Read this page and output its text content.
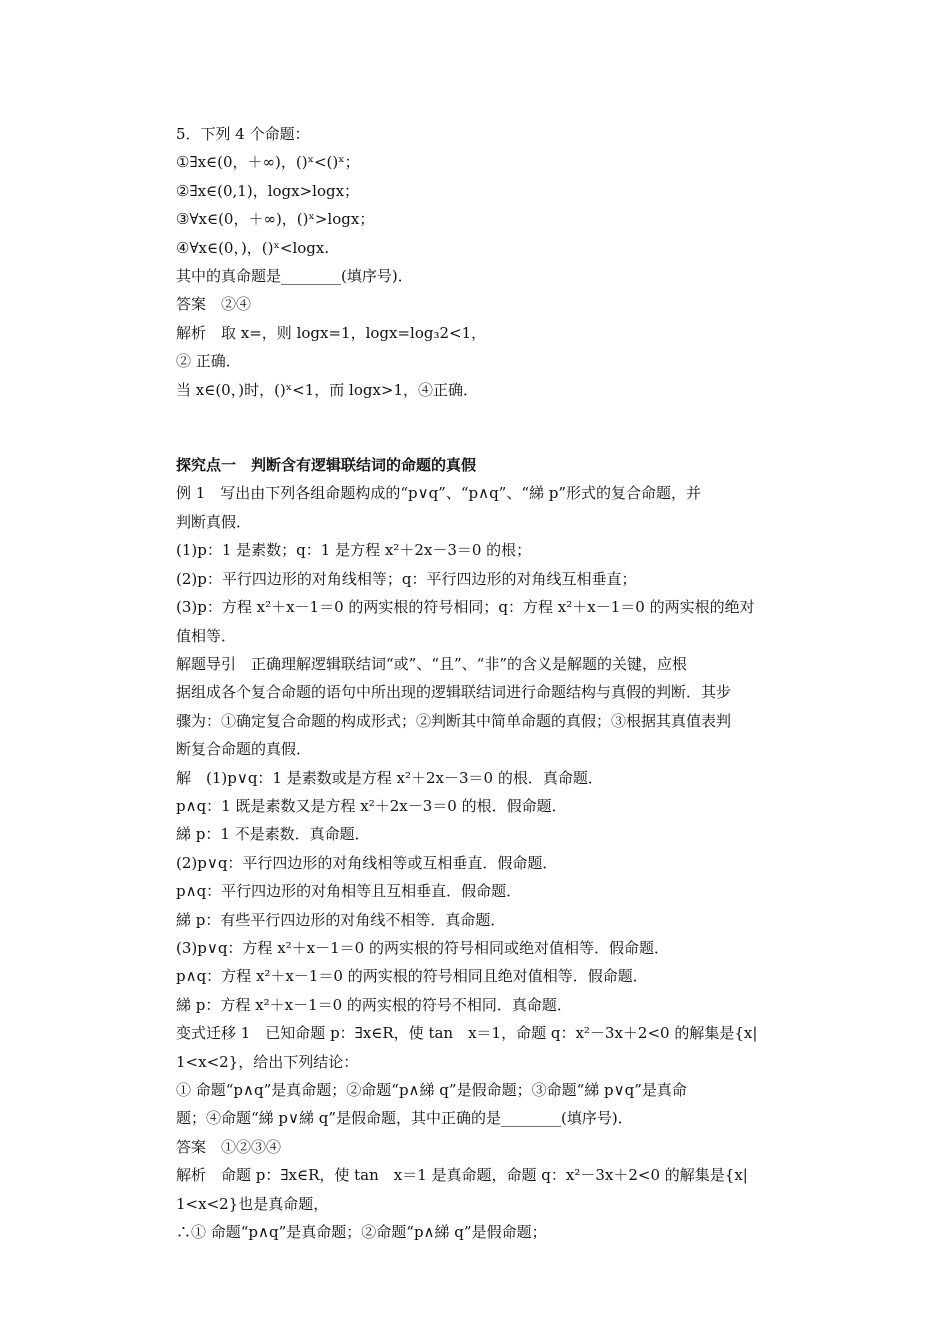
5．下列 4 个命题：
①∃x∈(0，＋∞)，()ˣ<()ˣ；
②∃x∈(0,1)，logx>logx；
③∀x∈(0，＋∞)，()ˣ>logx；
④∀x∈(0，)，()ˣ<logx.
其中的真命题是________(填序号)．
答案　②④
解析　取 x=，则 logx=1，logx=log₃2<1，
② 正确．
当 x∈(0，)时，()ˣ<1，而 logx>1，④正确．
探究点一　判断含有逻辑联结词的命题的真假
例 1　写出由下列各组命题构成的“p∨q”、“p∧q”、“綈 p”形式的复合命题，并
判断真假．
(1)p：1 是素数；q：1 是方程 x²＋2x－3＝0 的根；
(2)p：平行四边形的对角线相等；q：平行四边形的对角线互相垂直；
(3)p：方程 x²＋x－1＝0 的两实根的符号相同；q：方程 x²＋x－1＝0 的两实根的绝对
值相等．
解题导引　正确理解逻辑联结词“或”、“且”、“非”的含义是解题的关键，应根
据组成各个复合命题的语句中所出现的逻辑联结词进行命题结构与真假的判断．其步
骤为：①确定复合命题的构成形式；②判断其中简单命题的真假；③根据其真值表判
断复合命题的真假．
解　(1)p∨q：1 是素数或是方程 x²＋2x－3＝0 的根．真命题．
p∧q：1 既是素数又是方程 x²＋2x－3＝0 的根．假命题．
綈 p：1 不是素数．真命题．
(2)p∨q：平行四边形的对角线相等或互相垂直．假命题．
p∧q：平行四边形的对角相等且互相垂直．假命题．
綈 p：有些平行四边形的对角线不相等．真命题．
(3)p∨q：方程 x²＋x－1＝0 的两实根的符号相同或绝对值相等．假命题．
p∧q：方程 x²＋x－1＝0 的两实根的符号相同且绝对值相等．假命题．
綈 p：方程 x²＋x－1＝0 的两实根的符号不相同．真命题．
变式迁移 1　已知命题 p：∃x∈R，使 tan　x＝1，命题 q：x²－3x＋2<0 的解集是{x|
1<x<2}，给出下列结论：
① 命题“p∧q”是真命题；②命题“p∧綈 q”是假命题；③命题“綈 p∨q”是真命
题；④命题“綈 p∨綈 q”是假命题，其中正确的是________(填序号)．
答案　①②③④
解析　命题 p：∃x∈R，使 tan　x＝1 是真命题，命题 q：x²－3x＋2<0 的解集是{x|
1<x<2}也是真命题，
∴① 命题“p∧q”是真命题；②命题“p∧綈 q”是假命题；
